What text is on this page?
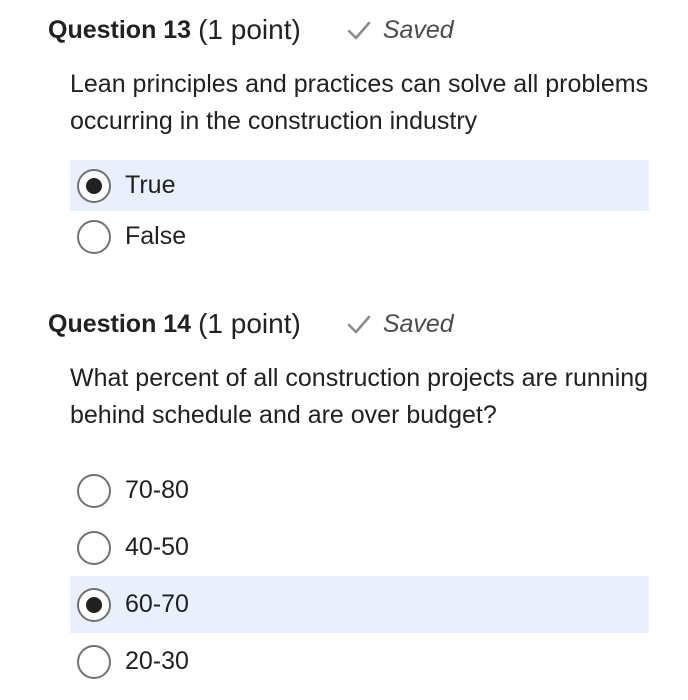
Question 13 (1 point)	Saved
Lean principles and practices can solve all problems occurring in the construction industry
True
False
Question 14 (1 point)	Saved
What percent of all construction projects are running behind schedule and are over budget?
70-80
40-50
60-70
20-30
